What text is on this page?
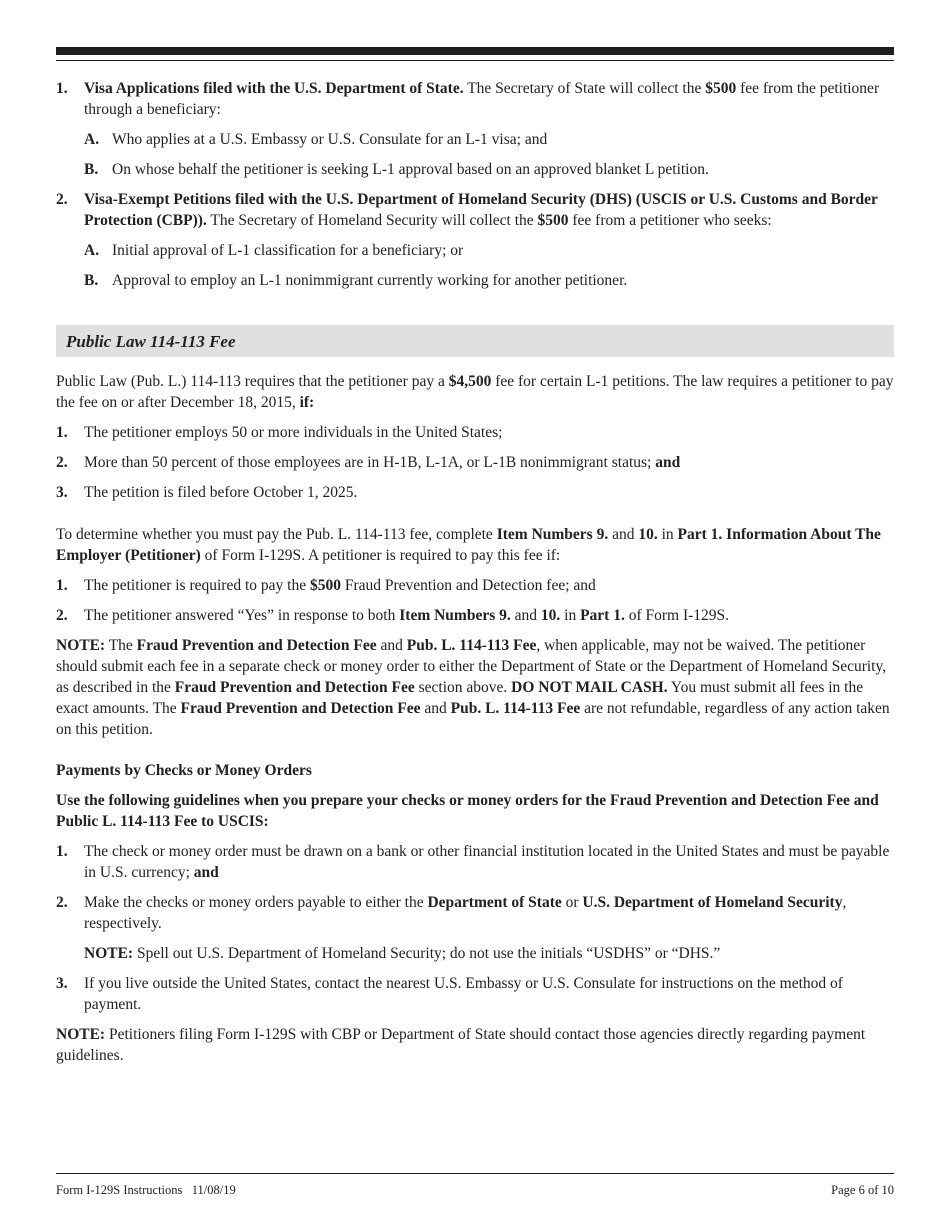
1. Visa Applications filed with the U.S. Department of State. The Secretary of State will collect the $500 fee from the petitioner through a beneficiary:
A. Who applies at a U.S. Embassy or U.S. Consulate for an L-1 visa; and
B. On whose behalf the petitioner is seeking L-1 approval based on an approved blanket L petition.
2. Visa-Exempt Petitions filed with the U.S. Department of Homeland Security (DHS) (USCIS or U.S. Customs and Border Protection (CBP)). The Secretary of Homeland Security will collect the $500 fee from a petitioner who seeks:
A. Initial approval of L-1 classification for a beneficiary; or
B. Approval to employ an L-1 nonimmigrant currently working for another petitioner.
Public Law 114-113 Fee

Public Law (Pub. L.) 114-113 requires that the petitioner pay a $4,500 fee for certain L-1 petitions. The law requires a petitioner to pay the fee on or after December 18, 2015, if:

1. The petitioner employs 50 or more individuals in the United States;
2. More than 50 percent of those employees are in H-1B, L-1A, or L-1B nonimmigrant status; and
3. The petition is filed before October 1, 2025.

To determine whether you must pay the Pub. L. 114-113 fee, complete Item Numbers 9. and 10. in Part 1. Information About The Employer (Petitioner) of Form I-129S. A petitioner is required to pay this fee if:

1. The petitioner is required to pay the $500 Fraud Prevention and Detection fee; and
2. The petitioner answered “Yes” in response to both Item Numbers 9. and 10. in Part 1. of Form I-129S.

NOTE: The Fraud Prevention and Detection Fee and Pub. L. 114-113 Fee, when applicable, may not be waived. The petitioner should submit each fee in a separate check or money order to either the Department of State or the Department of Homeland Security, as described in the Fraud Prevention and Detection Fee section above. DO NOT MAIL CASH. You must submit all fees in the exact amounts. The Fraud Prevention and Detection Fee and Pub. L. 114-113 Fee are not refundable, regardless of any action taken on this petition.

Payments by Checks or Money Orders

Use the following guidelines when you prepare your checks or money orders for the Fraud Prevention and Detection Fee and Public L. 114-113 Fee to USCIS:

1. The check or money order must be drawn on a bank or other financial institution located in the United States and must be payable in U.S. currency; and
2. Make the checks or money orders payable to either the Department of State or U.S. Department of Homeland Security, respectively.
NOTE: Spell out U.S. Department of Homeland Security; do not use the initials “USDHS” or “DHS.”
3. If you live outside the United States, contact the nearest U.S. Embassy or U.S. Consulate for instructions on the method of payment.

NOTE: Petitioners filing Form I-129S with CBP or Department of State should contact those agencies directly regarding payment guidelines.

Form I-129S Instructions   11/08/19	Page 6 of 10
